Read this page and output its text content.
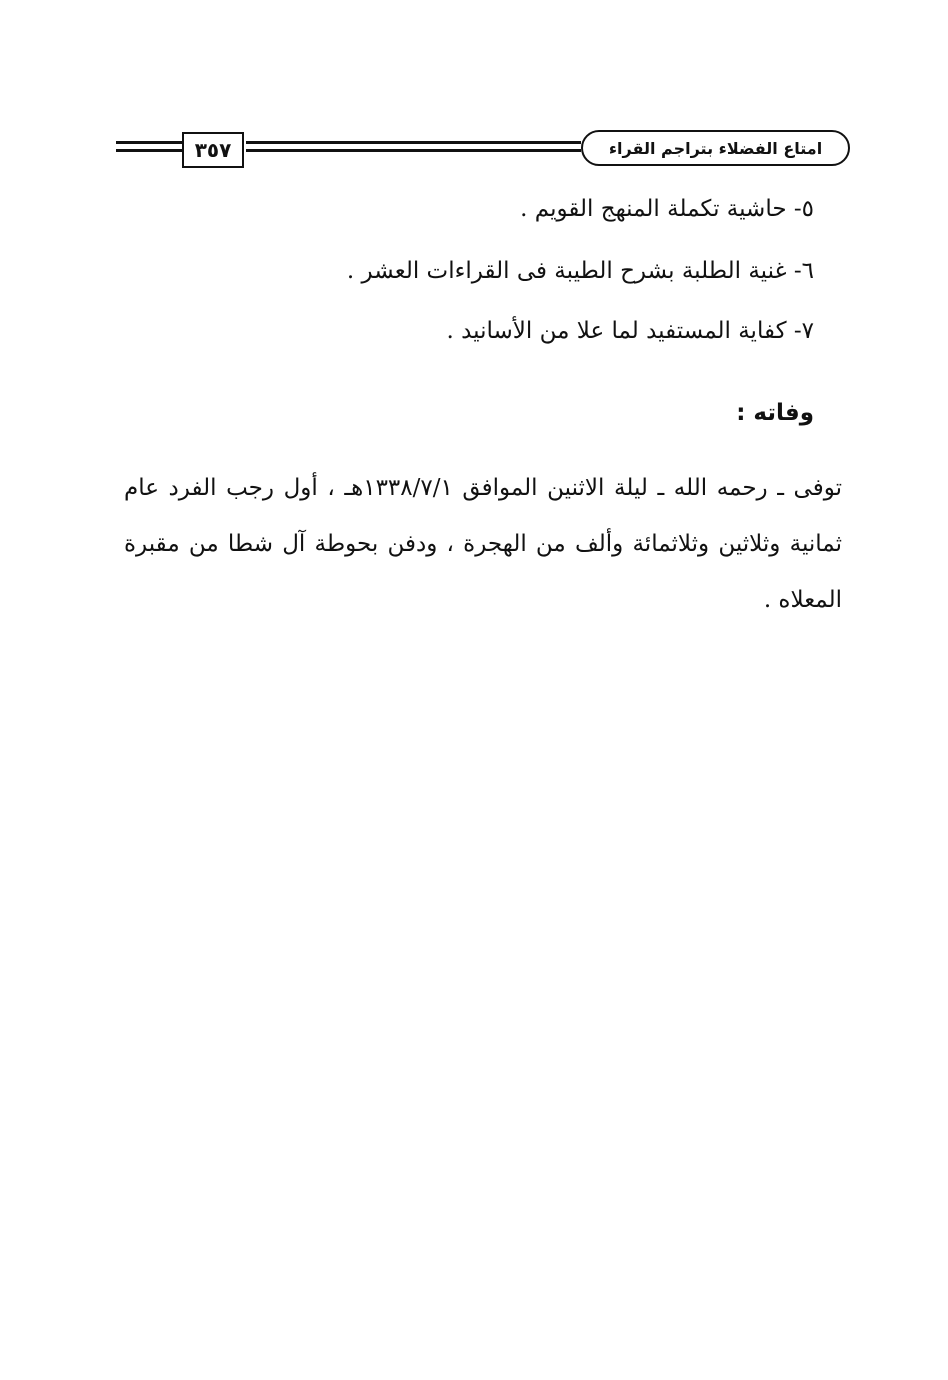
٣٥٧	امتاع الفضلاء بتراجم القراء
٥- حاشية تكملة المنهج القويم .
٦- غنية الطلبة بشرح الطيبة فى القراءات العشر .
٧- كفاية المستفيد لما علا من الأسانيد .
وفاته :
توفى ـ رحمه الله ـ ليلة الاثنين الموافق ١٣٣٨/٧/١هـ ، أول رجب الفرد عام ثمانية وثلاثين وثلاثمائة وألف من الهجرة ، ودفن بحوطة آل شطا من مقبرة المعلاه .
